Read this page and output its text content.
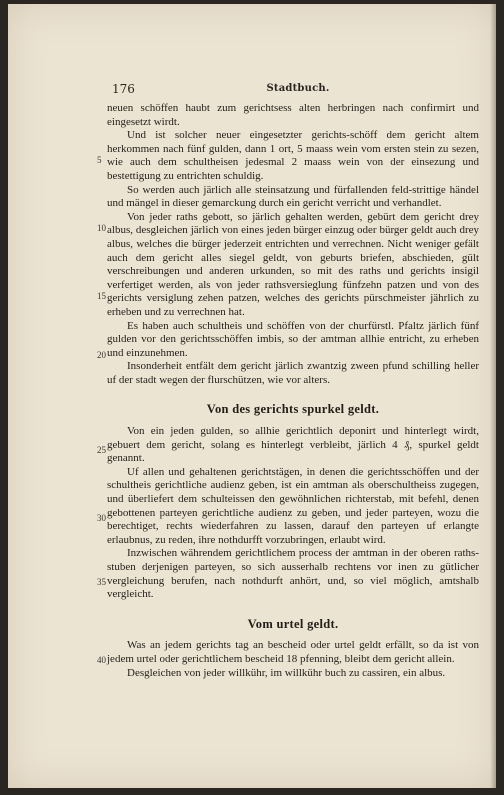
176	Stadtbuch.
5
10
15
20
25
30
35
40

neuen schöffen haubt zum gerichtsess alten herbringen nach confirmirt und eingesetzt wirdt.

Und ist solcher neuer eingesetzter gerichts-schöff dem gericht altem herkommen nach fünf gulden, dann 1 ort, 5 maass wein vom ersten stein zu sezen, wie auch dem schultheisen jedesmal 2 maass wein von der einsezung und bestettigung zu entrichten schuldig.

So werden auch järlich alle steinsatzung und fürfallenden feld-strittige händel und mängel in dieser gemarckung durch ein gericht verricht und verhandlet.

Von jeder raths gebott, so järlich gehalten werden, gebürt dem gericht drey albus, desgleichen järlich von eines jeden bürger einzug oder bürger geldt auch drey albus, welches die bürger jederzeit entrichten und verrechnen. Nicht weniger gefält auch dem gericht alles siegel geldt, von geburts briefen, abschieden, gült verschreibungen und anderen urkunden, so mit des raths und gerichts insigil verfertiget werden, als von jeder rathsversieglung fünfzehn patzen und von des gerichts versiglung zehen patzen, welches des gerichts pürschmeister jährlich zu erheben und zu verrechnen hat.

Es haben auch schultheis und schöffen von der churfürstl. Pfaltz järlich fünf gulden vor den gerichtsschöffen imbis, so der amtman allhie entricht, zu erheben und einzunehmen.

Insonderheit entfält dem gericht järlich zwantzig zween pfund schilling heller uf der stadt wegen der flurschützen, wie vor alters.

Von des gerichts spurkel geldt.

Von ein jeden gulden, so allhie gerichtlich deponirt und hinterlegt wirdt, gebuert dem gericht, solang es hinterlegt verbleibt, järlich 4 ₰, spurkel geldt genannt.

Uf allen und gehaltenen gerichtstägen, in denen die gerichtsschöffen und der schultheis gerichtliche audienz geben, ist ein amtman als oberschultheiss zugegen, und überliefert dem schulteissen den gewöhnlichen richterstab, mit befehl, denen gebottenen parteyen gerichtliche audienz zu geben, und jeder parteyen, wozu die berechtiget, rechts wiederfahren zu lassen, darauf den parteyen uf erlangte erlaubnus, zu reden, ihre nothdurfft vorzubringen, erlaubt wird.

Inzwischen währendem gerichtlichem process der amtman in der oberen raths-stuben derjenigen parteyen, so sich ausserhalb rechtens vor inen zu gütlicher vergleichung berufen, nach nothdurft anhört, und, so viel möglich, amtshalb vergleicht.

Vom urtel geldt.

Was an jedem gerichts tag an bescheid oder urtel geldt erfällt, so da ist von jedem urtel oder gerichtlichem bescheid 18 pfenning, bleibt dem gericht allein.

Desgleichen von jeder willkühr, im willkühr buch zu cassiren, ein albus.
